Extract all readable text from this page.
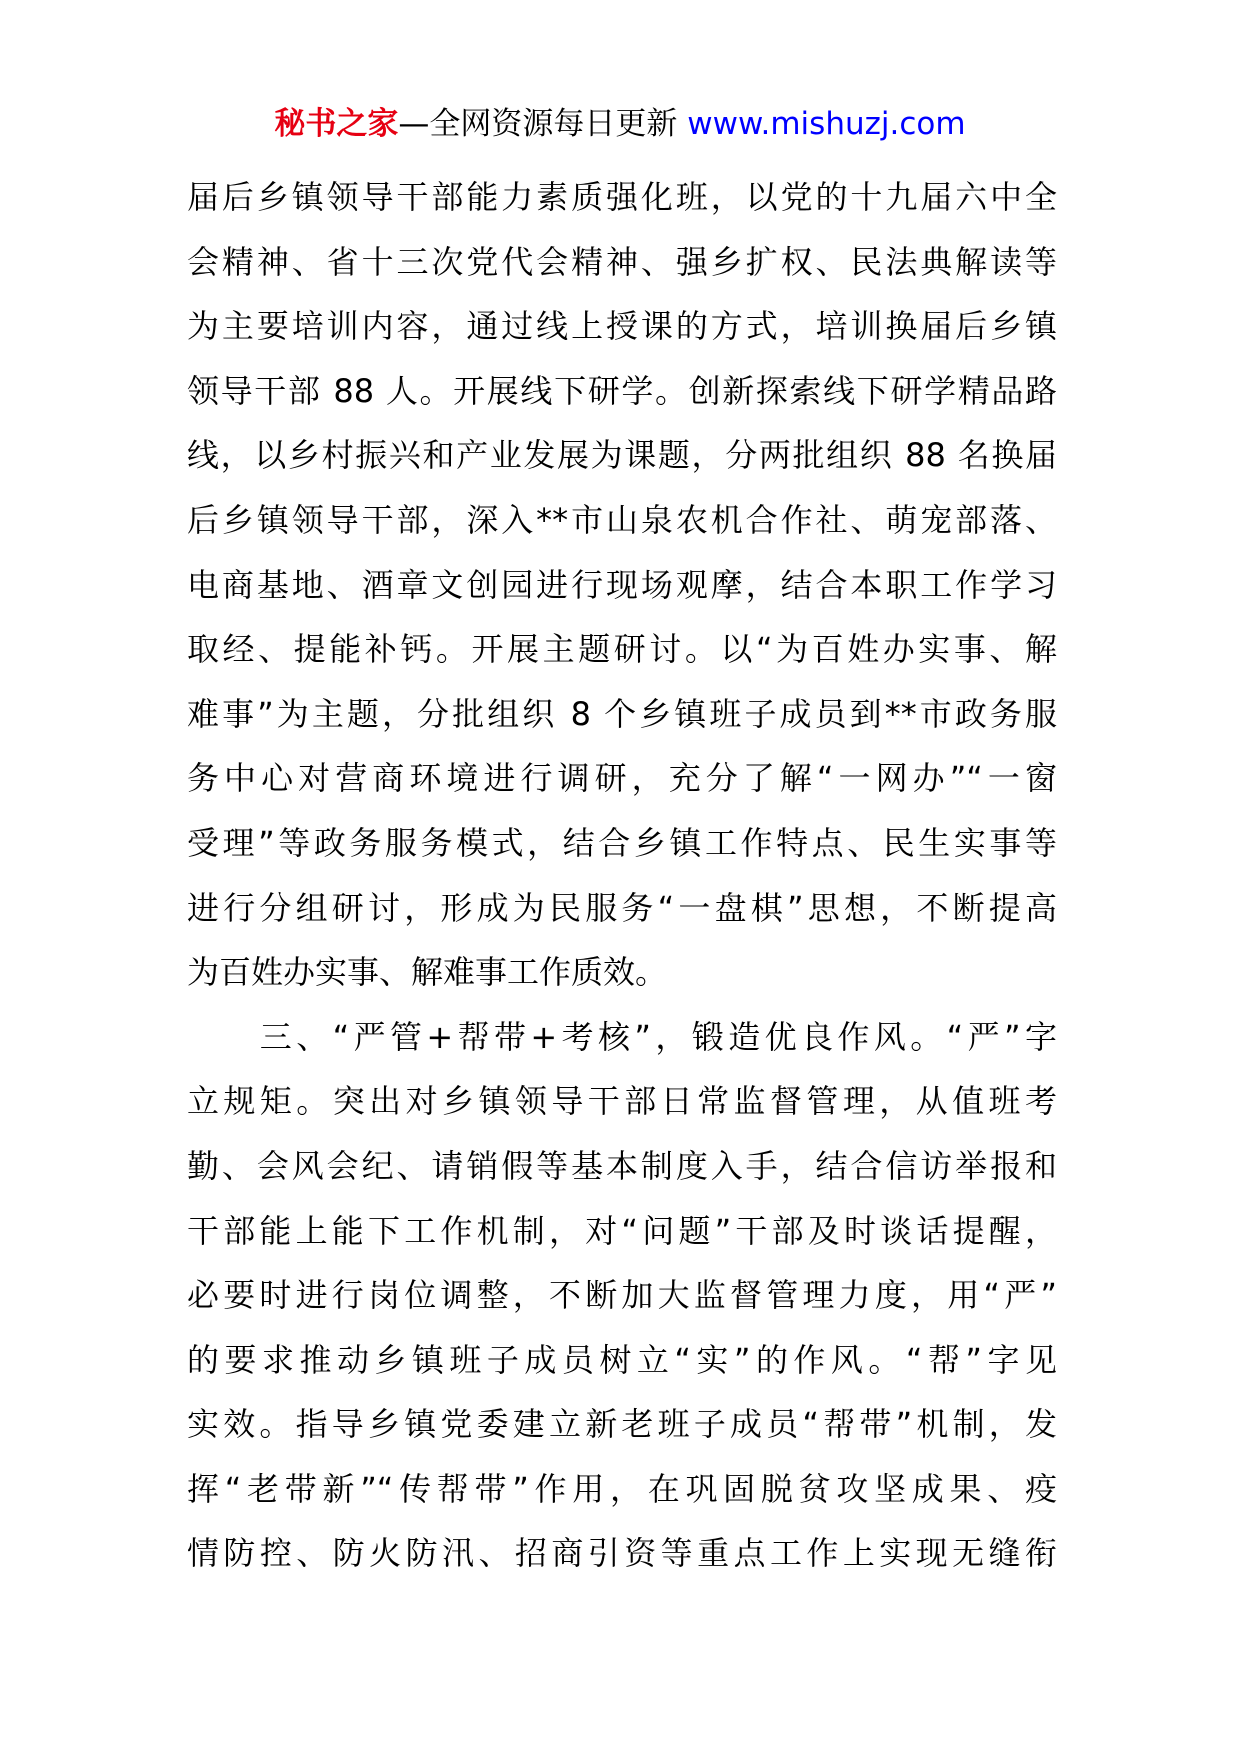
秘书之家—全网资源每日更新 www.mishuzj.com
届后乡镇领导干部能力素质强化班，以党的十九届六中全
会精神、省十三次党代会精神、强乡扩权、民法典解读等
为主要培训内容，通过线上授课的方式，培训换届后乡镇
领导干部 88 人。开展线下研学。创新探索线下研学精品路
线，以乡村振兴和产业发展为课题，分两批组织 88 名换届
后乡镇领导干部，深入**市山泉农机合作社、萌宠部落、
电商基地、酒章文创园进行现场观摩，结合本职工作学习
取经、提能补钙。开展主题研讨。以“为百姓办实事、解
难事”为主题，分批组织 8 个乡镇班子成员到**市政务服
务中心对营商环境进行调研，充分了解“一网办”“一窗
受理”等政务服务模式，结合乡镇工作特点、民生实事等
进行分组研讨，形成为民服务“一盘棋”思想，不断提高
为百姓办实事、解难事工作质效。
　　三、“严管+帮带+考核”，锻造优良作风。“严”字
立规矩。突出对乡镇领导干部日常监督管理，从值班考
勤、会风会纪、请销假等基本制度入手，结合信访举报和
干部能上能下工作机制，对“问题”干部及时谈话提醒，
必要时进行岗位调整，不断加大监督管理力度，用“严”
的要求推动乡镇班子成员树立“实”的作风。“帮”字见
实效。指导乡镇党委建立新老班子成员“帮带”机制，发
挥“老带新”“传帮带”作用，在巩固脱贫攻坚成果、疫
情防控、防火防汛、招商引资等重点工作上实现无缝衔
